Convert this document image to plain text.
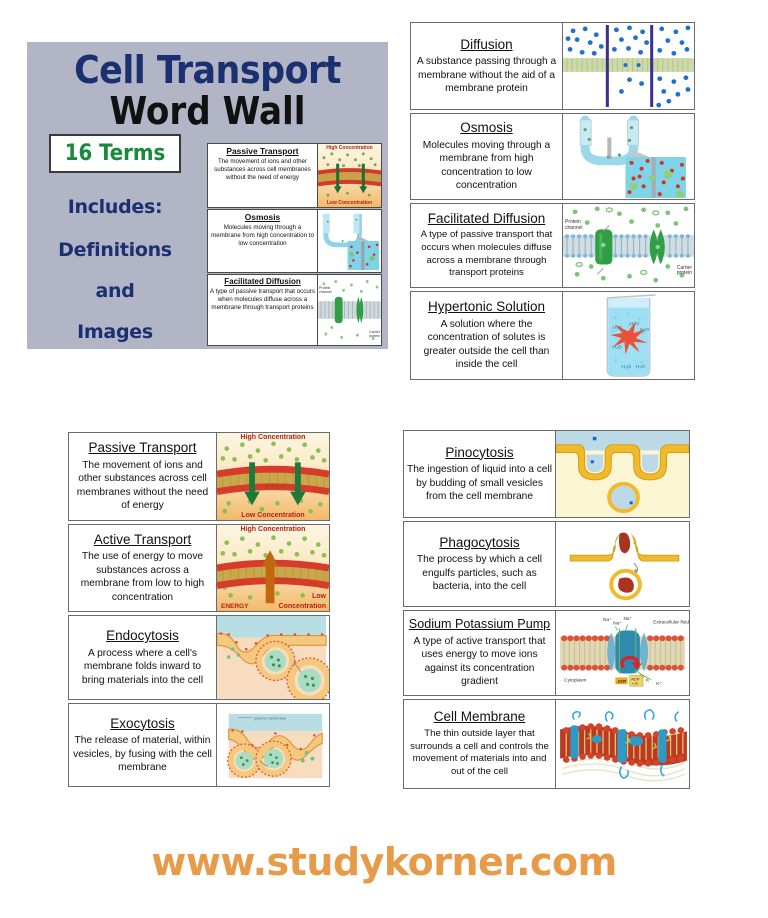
Cell Transport
Word Wall
16 Terms
Includes:
Definitions
and
Images
Passive Transport
The movement of ions and other substances across cell membranes without the need of energy
High Concentration
Low Concentration
Osmosis
Molecules moving through a membrane from high concentration to low concentration
Facilitated Diffusion
A type of passive transport that occurs when molecules diffuse across a membrane through transport proteins
Protein
channel
Carrier
protein
Diffusion
A substance passing through a membrane without the aid of a membrane protein
Osmosis
Molecules moving through a membrane from high concentration to low concentration
Facilitated Diffusion
A type of passive transport that occurs when molecules diffuse across a membrane through transport proteins
Protein
channel
Carrier
protein
Hypertonic Solution
A solution where the concentration of solutes is greater outside the cell than inside the cell
H₂O
H₂O
H₂O
H₂O
H₂O H₂O
Passive Transport
The movement of ions and other substances across cell membranes without the need of energy
inside of cell
High Concentration
Low Concentration
Active Transport
The use of energy to move substances across a membrane from low to high concentration
inside of cell
High Concentration
Low
Concentration
ENERGY
Endocytosis
A process where a cell's membrane folds inward to bring materials into the cell
Exocytosis
The release of material, within vesicles, by fusing with the cell membrane
plasma membrane
Pinocytosis
The ingestion of liquid into a cell by budding of small vesicles from the cell membrane
Phagocytosis
The process by which a cell engulfs particles, such as bacteria, into the cell
Sodium Potassium Pump
A type of active transport that uses energy to move ions against its concentration gradient	ATP
ADP
+ Pi
Na⁺
Na⁺
Na⁺
Extracellular fluid
Cytoplasm	K⁺
K⁺
Cell Membrane
The thin outside layer that surrounds a cell and controls the movement of materials into and out of the cell
www.studykorner.com
